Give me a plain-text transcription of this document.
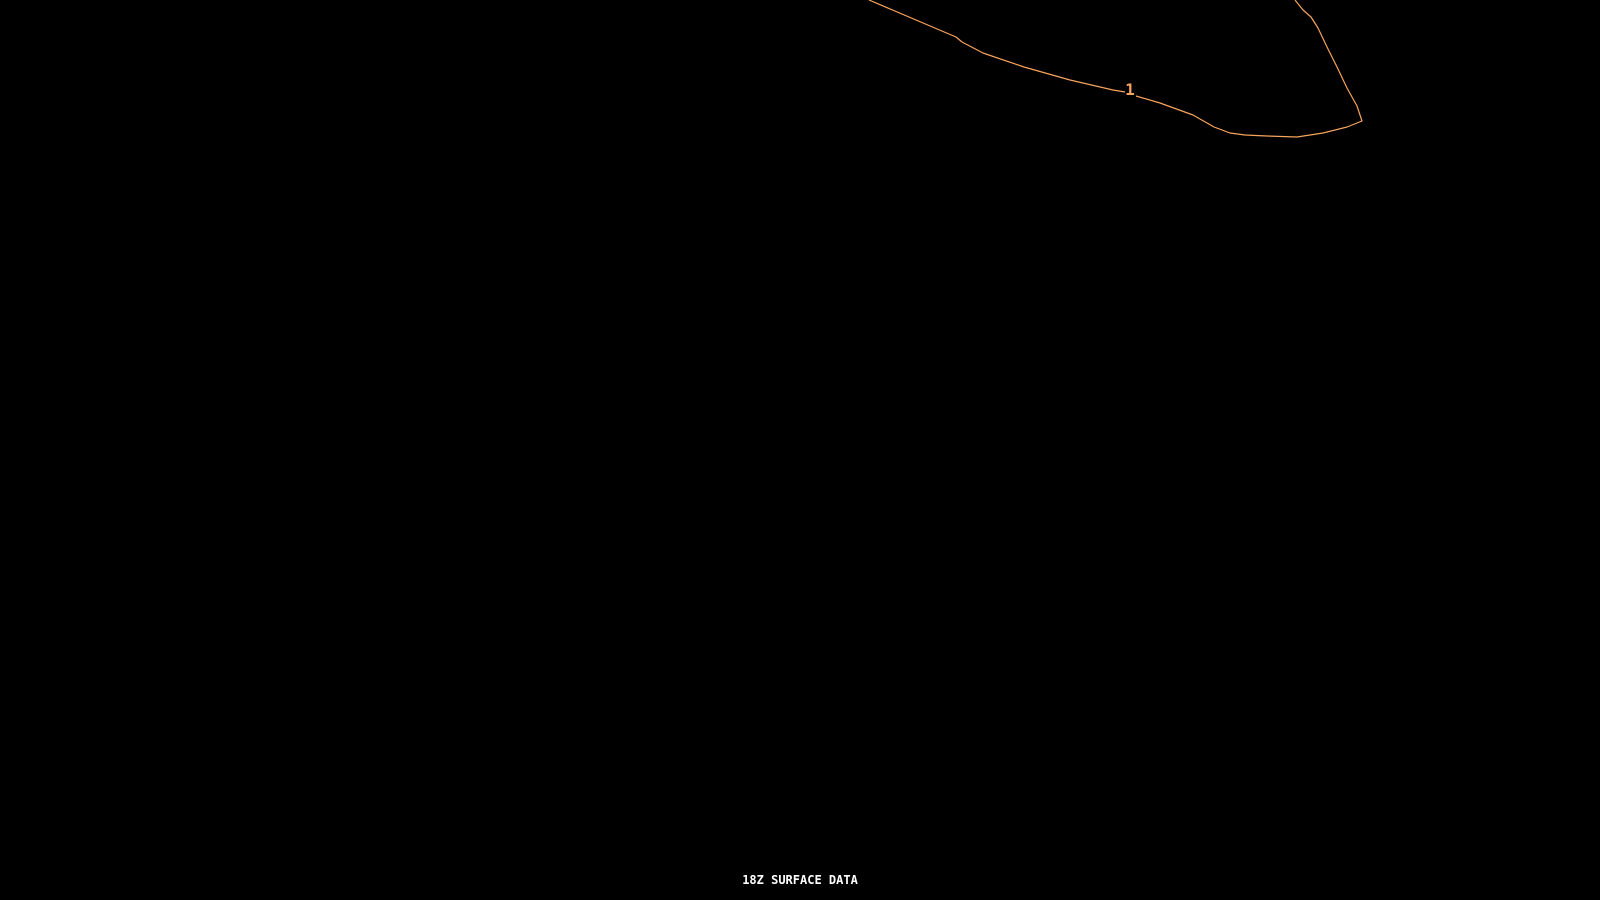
1
18Z SURFACE DATA
